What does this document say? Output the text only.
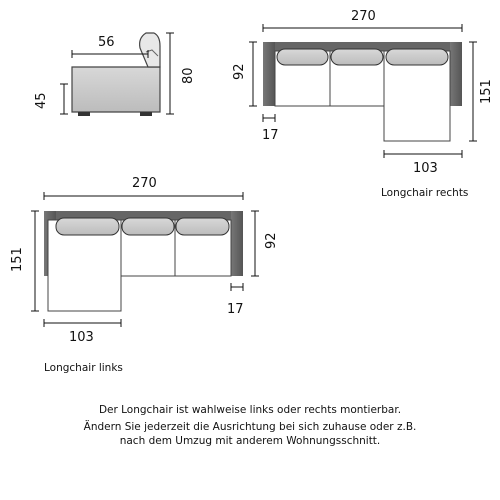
56
45
80
270
92
151
17
103
Longchair rechts
270
151
92
17
103
Longchair links
Der Longchair ist wahlweise links oder rechts montierbar.
Ändern Sie jederzeit die Ausrichtung bei sich zuhause oder z.B.
nach dem Umzug mit anderem Wohnungsschnitt.
